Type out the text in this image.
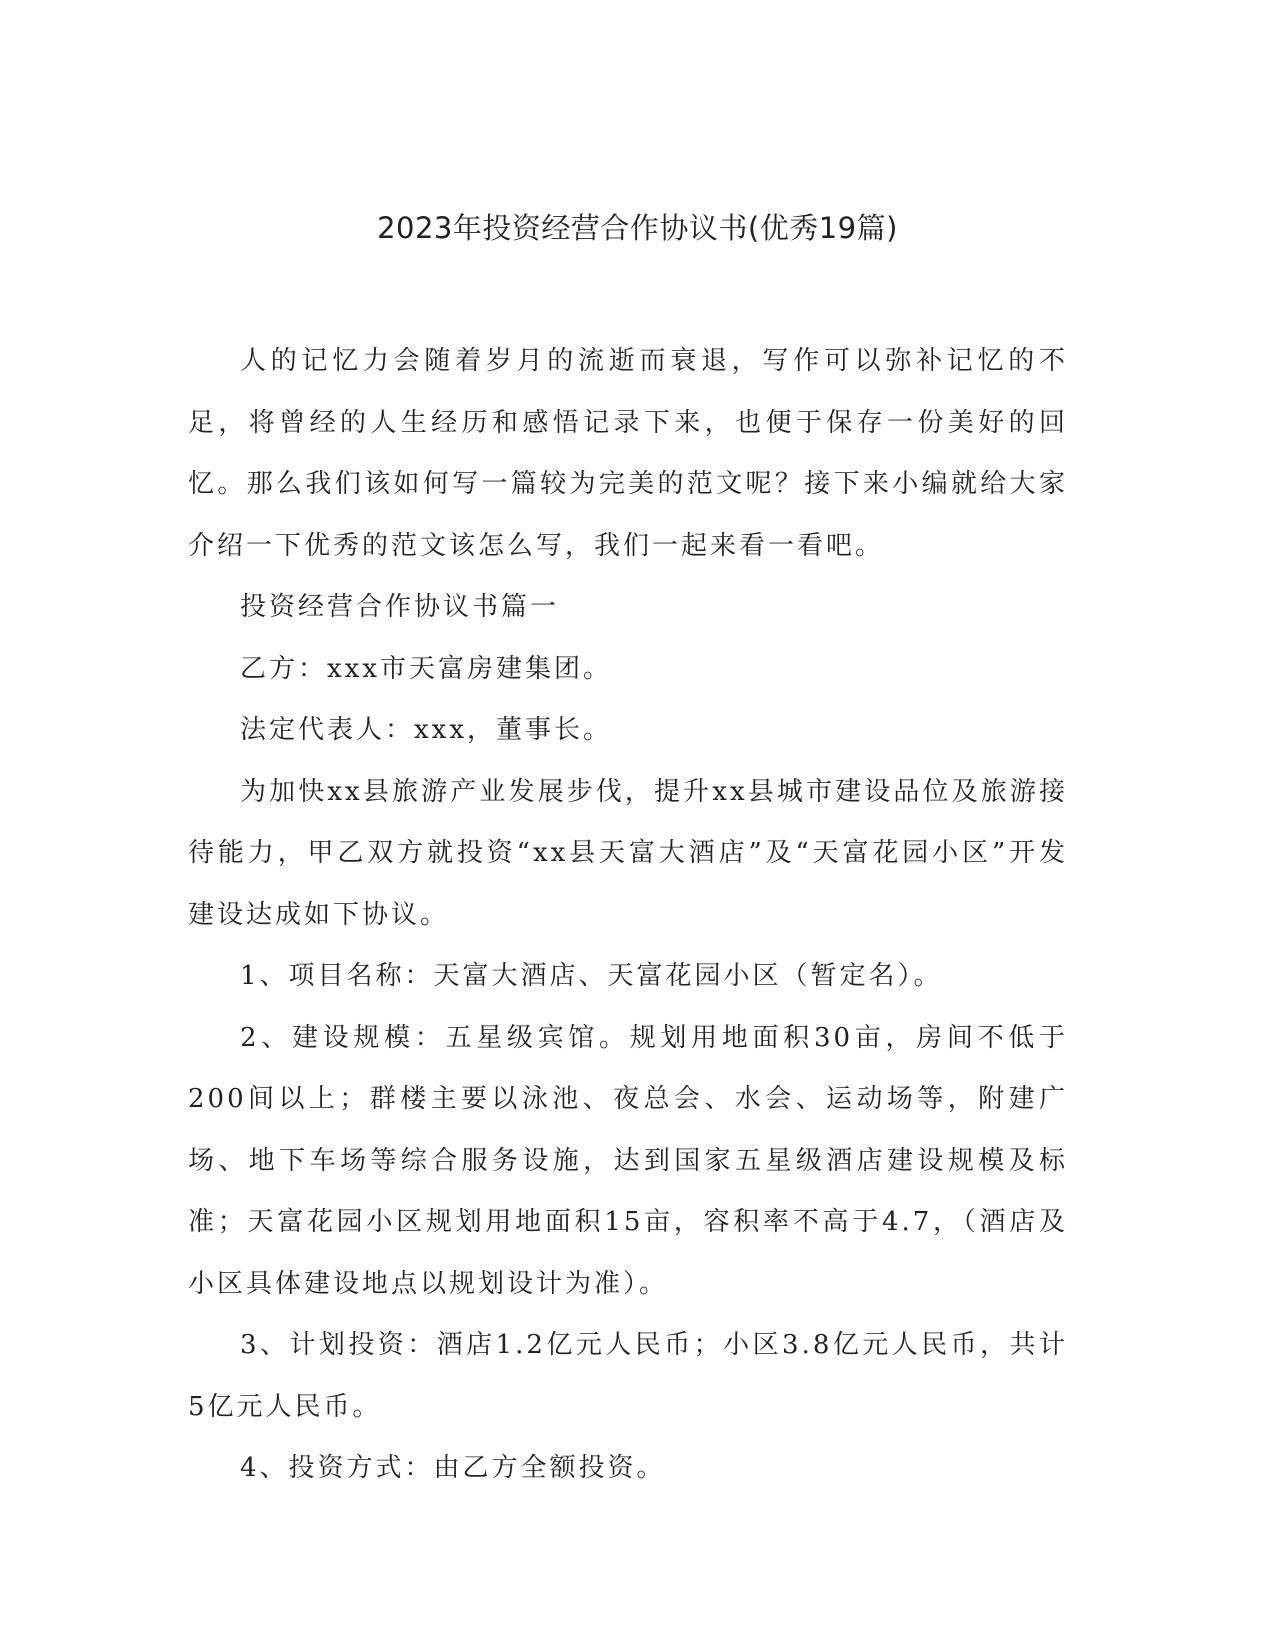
2023年投资经营合作协议书(优秀19篇)

人的记忆力会随着岁月的流逝而衰退，写作可以弥补记忆的不足，将曾经的人生经历和感悟记录下来，也便于保存一份美好的回忆。那么我们该如何写一篇较为完美的范文呢？接下来小编就给大家介绍一下优秀的范文该怎么写，我们一起来看一看吧。

投资经营合作协议书篇一

乙方：xxx市天富房建集团。

法定代表人：xxx，董事长。

为加快xx县旅游产业发展步伐，提升xx县城市建设品位及旅游接待能力，甲乙双方就投资“xx县天富大酒店”及“天富花园小区”开发建设达成如下协议。

1、项目名称：天富大酒店、天富花园小区（暂定名）。

2、建设规模：五星级宾馆。规划用地面积30亩，房间不低于200间以上；群楼主要以泳池、夜总会、水会、运动场等，附建广场、地下车场等综合服务设施，达到国家五星级酒店建设规模及标准；天富花园小区规划用地面积15亩，容积率不高于4.7，（酒店及小区具体建设地点以规划设计为准）。

3、计划投资：酒店1.2亿元人民币；小区3.8亿元人民币，共计5亿元人民币。

4、投资方式：由乙方全额投资。
